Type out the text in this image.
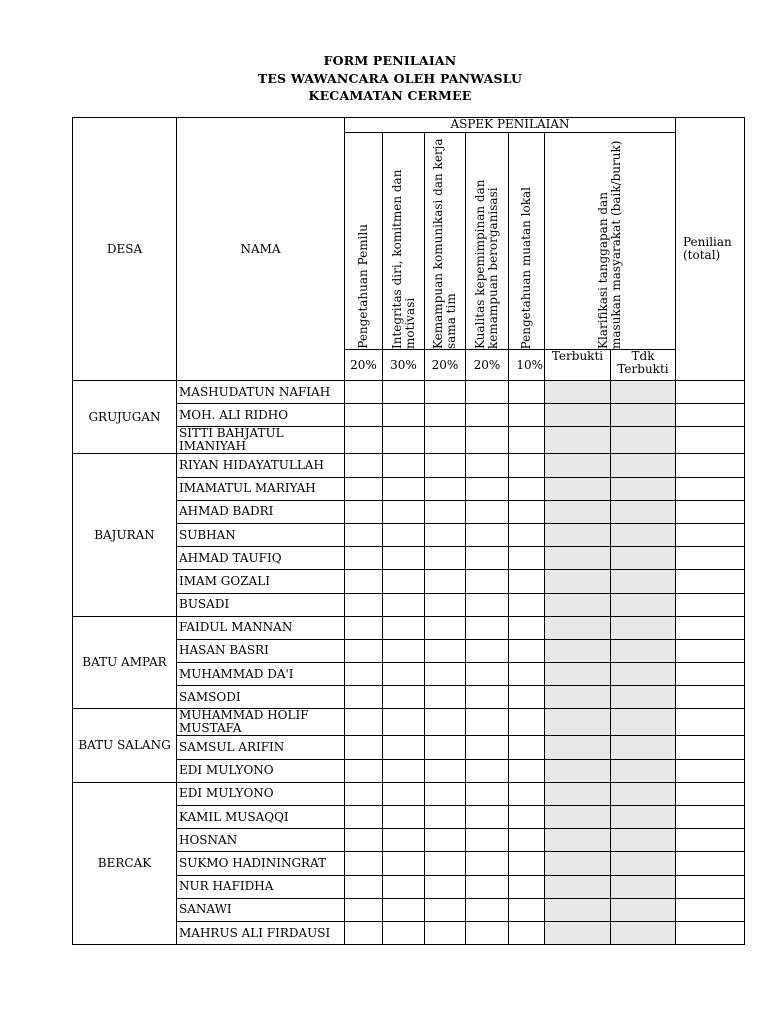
FORM PENILAIAN
TES WAWANCARA OLEH PANWASLU
KECAMATAN CERMEE
DESA	NAMA	ASPEK PENILAIAN							Penilian (total)

		Pengetahuan Pemilu	Integritas diri, komitmen dan motivasi	Kemampuan komunikasi dan kerja sama tim	Kualitas kepemimpinan dan kemampuan berorganisasi	Pengetahuan muatan lokal	Klarifikasi tanggapan dan masukan masyarakat (baik/buruk)		

		20%	30%	20%	20%	10%	Terbukti	Tdk Terbukti	
GRUJUGAN	MASHUDATUN NAFIAH								
	MOH. ALI RIDHO								
	SITTI BAHJATUL IMANIYAH								
BAJURAN	RIYAN HIDAYATULLAH								
	IMAMATUL MARIYAH								
	AHMAD BADRI								
	SUBHAN								
	AHMAD TAUFIQ								
	IMAM GOZALI								
	BUSADI								
BATU AMPAR	FAIDUL MANNAN								
	HASAN BASRI								
	MUHAMMAD DA'I								
	SAMSODI								
BATU SALANG	MUHAMMAD HOLIF MUSTAFA								
	SAMSUL ARIFIN								
	EDI MULYONO								
BERCAK	EDI MULYONO								
	KAMIL MUSAQQI								
	HOSNAN								
	SUKMO HADININGRAT								
	NUR HAFIDHA								
	SANAWI								
	MAHRUS ALI FIRDAUSI								
